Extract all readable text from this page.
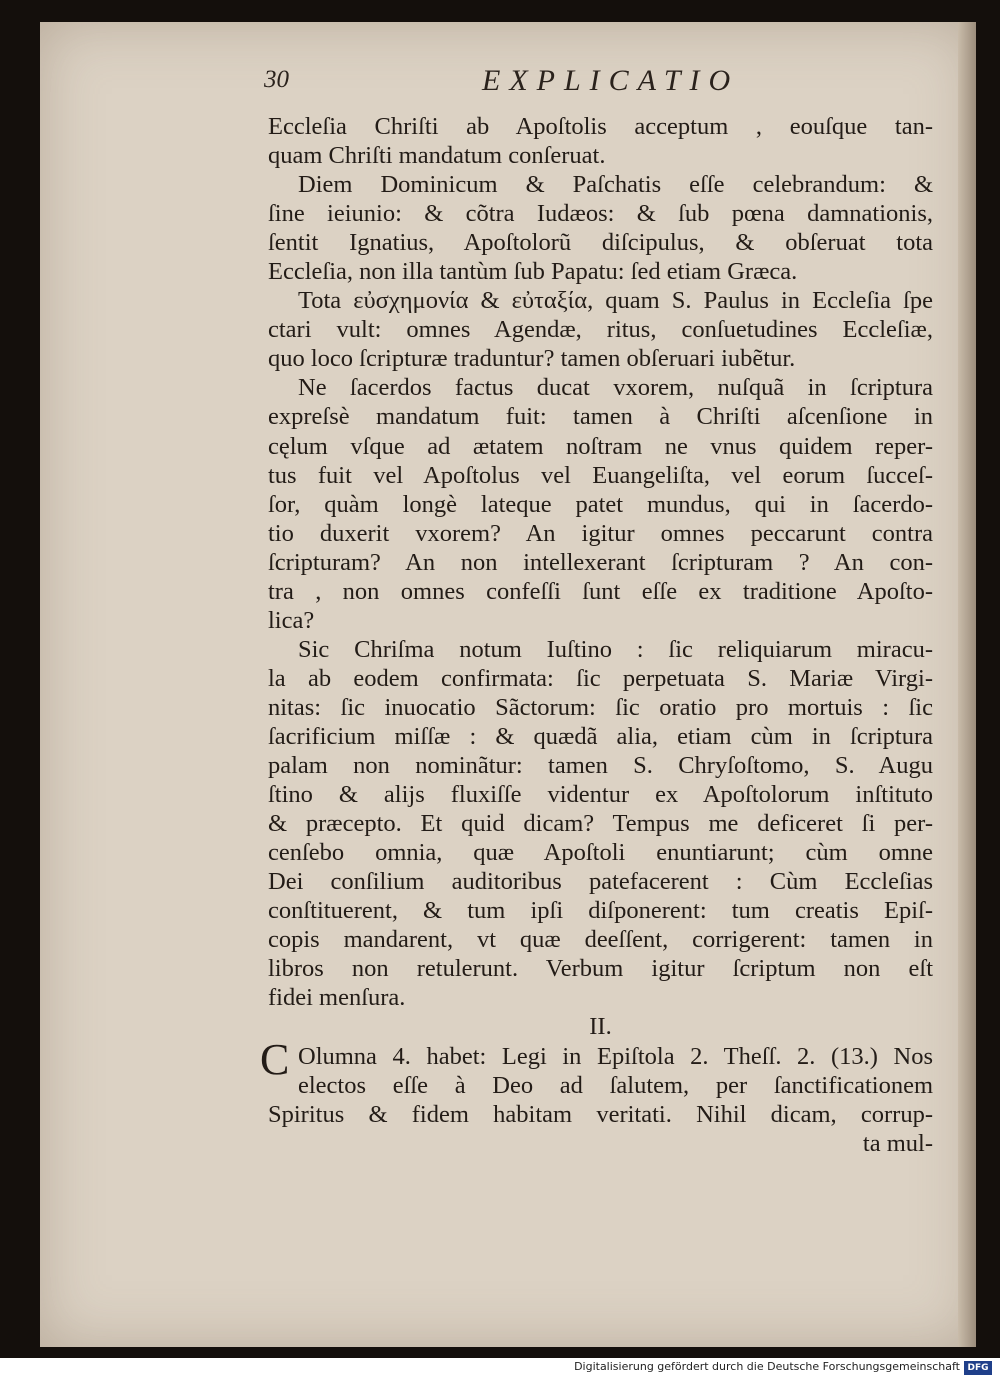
30	EXPLICATIO
Eccleſia Chriſti ab Apoſtolis acceptum , eouſque tan-
quam Chriſti mandatum conſeruat.
Diem Dominicum & Paſchatis eſſe celebrandum: &
ſine ieiunio: & cõtra Iudæos: & ſub pœna damnationis,
ſentit Ignatius, Apoſtolorũ diſcipulus, & obſeruat tota
Eccleſia, non illa tantùm ſub Papatu: ſed etiam Græca.
Tota εὐσχημονία & εὐταξία, quam S. Paulus in Eccleſia ſpe
ctari vult: omnes Agendæ, ritus, conſuetudines Eccleſiæ,
quo loco ſcripturæ traduntur? tamen obſeruari iubẽtur.
Ne ſacerdos factus ducat vxorem, nuſquã in ſcriptura
expreſsè mandatum fuit: tamen à Chriſti aſcenſione in
cęlum vſque ad ætatem noſtram ne vnus quidem reper-
tus fuit vel Apoſtolus vel Euangeliſta, vel eorum ſucceſ-
ſor, quàm longè lateque patet mundus, qui in ſacerdo-
tio duxerit vxorem? An igitur omnes peccarunt contra
ſcripturam? An non intellexerant ſcripturam ? An con-
tra , non omnes confeſſi ſunt eſſe ex traditione Apoſto-
lica?
Sic Chriſma notum Iuſtino : ſic reliquiarum miracu-
la ab eodem confirmata: ſic perpetuata S. Mariæ Virgi-
nitas: ſic inuocatio Sãctorum: ſic oratio pro mortuis : ſic
ſacrificium miſſæ : & quædã alia, etiam cùm in ſcriptura
palam non nominãtur: tamen S. Chryſoſtomo, S. Augu
ſtino & alijs fluxiſſe videntur ex Apoſtolorum inſtituto
& præcepto. Et quid dicam? Tempus me deficeret ſi per-
cenſebo omnia, quæ Apoſtoli enuntiarunt; cùm omne
Dei conſilium auditoribus patefacerent : Cùm Eccleſias
conſtituerent, & tum ipſi diſponerent: tum creatis Epiſ-
copis mandarent, vt quæ deeſſent, corrigerent: tamen in
libros non retulerunt. Verbum igitur ſcriptum non eſt
fidei menſura.
II.
C Olumna 4. habet: Legi in Epiſtola 2. Theſſ. 2. (13.) Nos
electos eſſe à Deo ad ſalutem, per ſanctificationem
Spiritus & fidem habitam veritati. Nihil dicam, corrup-
ta mul-
Digitalisierung gefördert durch die Deutsche Forschungsgemeinschaft DFG
